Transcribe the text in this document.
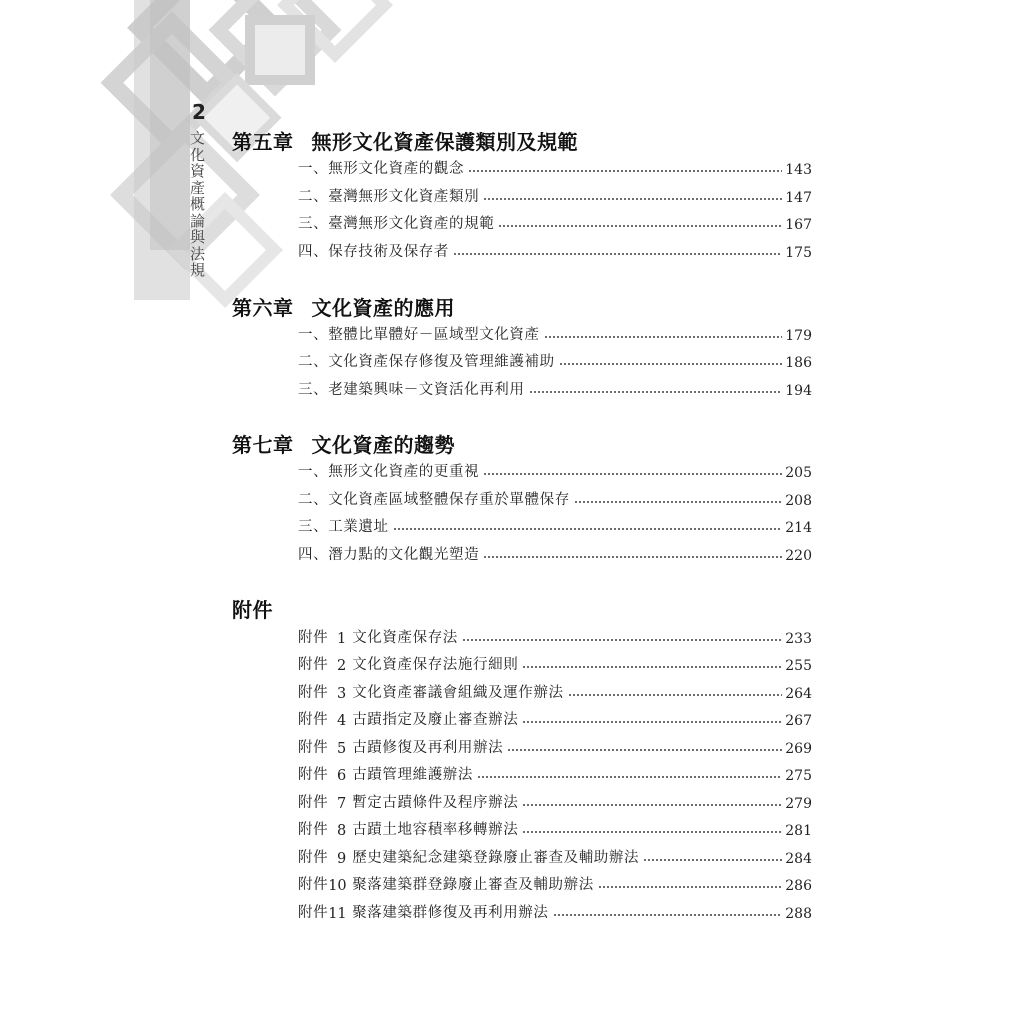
2
文化資產概論與法規
第五章 無形文化資產保護類別及規範
一、無形文化資產的觀念	143
二、臺灣無形文化資產類別	147
三、臺灣無形文化資產的規範	167
四、保存技術及保存者	175
第六章 文化資產的應用
一、整體比單體好－區域型文化資產	179
二、文化資產保存修復及管理維護補助	186
三、老建築興味－文資活化再利用	194
第七章 文化資產的趨勢
一、無形文化資產的更重視	205
二、文化資產區域整體保存重於單體保存	208
三、工業遺址	214
四、潛力點的文化觀光塑造	220
附件
附件 1 文化資產保存法	233
附件 2 文化資產保存法施行細則	255
附件 3 文化資產審議會組織及運作辦法	264
附件 4 古蹟指定及廢止審查辦法	267
附件 5 古蹟修復及再利用辦法	269
附件 6 古蹟管理維護辦法	275
附件 7 暫定古蹟條件及程序辦法	279
附件 8 古蹟土地容積率移轉辦法	281
附件 9 歷史建築紀念建築登錄廢止審查及輔助辦法	284
附件 10 聚落建築群登錄廢止審查及輔助辦法	286
附件 11 聚落建築群修復及再利用辦法	288
